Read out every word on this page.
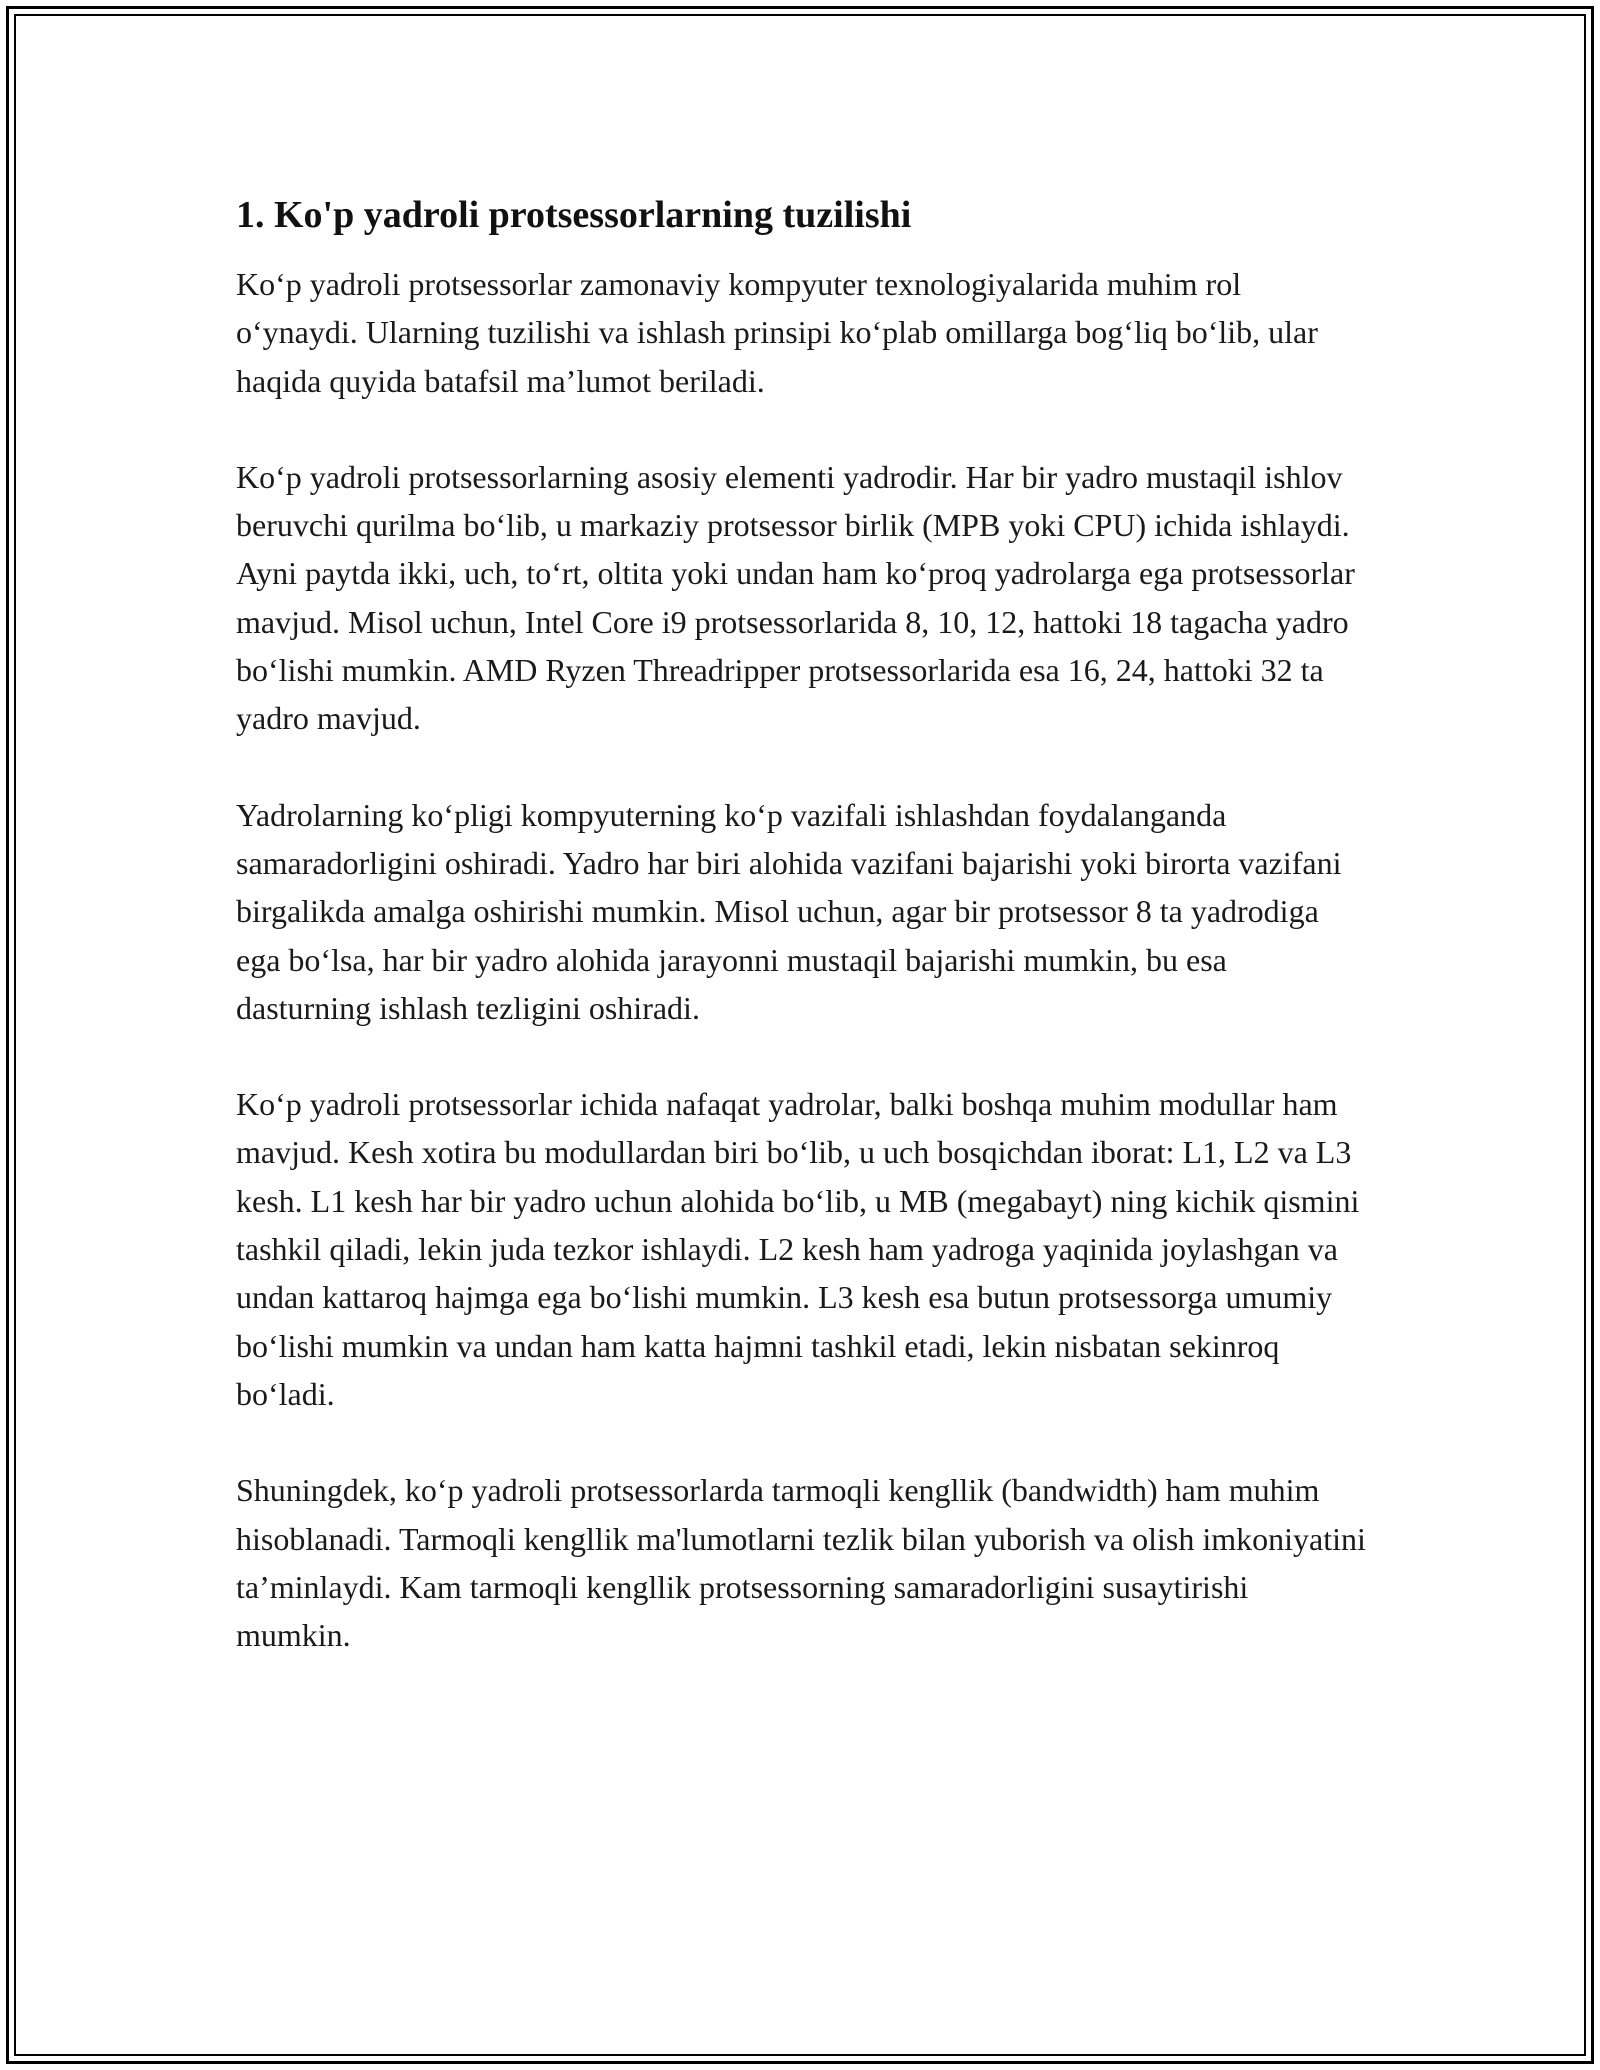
1. Ko'p yadroli protsessorlarning tuzilishi

Ko‘p yadroli protsessorlar zamonaviy kompyuter texnologiyalarida muhim rol o‘ynaydi. Ularning tuzilishi va ishlash prinsipi ko‘plab omillarga bog‘liq bo‘lib, ular haqida quyida batafsil ma’lumot beriladi.

Ko‘p yadroli protsessorlarning asosiy elementi yadrodir. Har bir yadro mustaqil ishlov beruvchi qurilma bo‘lib, u markaziy protsessor birlik (MPB yoki CPU) ichida ishlaydi. Ayni paytda ikki, uch, to‘rt, oltita yoki undan ham ko‘proq yadrolarga ega protsessorlar mavjud. Misol uchun, Intel Core i9 protsessorlarida 8, 10, 12, hattoki 18 tagacha yadro bo‘lishi mumkin. AMD Ryzen Threadripper protsessorlarida esa 16, 24, hattoki 32 ta yadro mavjud.

Yadrolarning ko‘pligi kompyuterning ko‘p vazifali ishlashdan foydalanganda samaradorligini oshiradi. Yadro har biri alohida vazifani bajarishi yoki birorta vazifani birgalikda amalga oshirishi mumkin. Misol uchun, agar bir protsessor 8 ta yadrodiga ega bo‘lsa, har bir yadro alohida jarayonni mustaqil bajarishi mumkin, bu esa dasturning ishlash tezligini oshiradi.

Ko‘p yadroli protsessorlar ichida nafaqat yadrolar, balki boshqa muhim modullar ham mavjud. Kesh xotira bu modullardan biri bo‘lib, u uch bosqichdan iborat: L1, L2 va L3 kesh. L1 kesh har bir yadro uchun alohida bo‘lib, u MB (megabayt) ning kichik qismini tashkil qiladi, lekin juda tezkor ishlaydi. L2 kesh ham yadroga yaqinida joylashgan va undan kattaroq hajmga ega bo‘lishi mumkin. L3 kesh esa butun protsessorga umumiy bo‘lishi mumkin va undan ham katta hajmni tashkil etadi, lekin nisbatan sekinroq bo‘ladi.

Shuningdek, ko‘p yadroli protsessorlarda tarmoqli kengllik (bandwidth) ham muhim hisoblanadi. Tarmoqli kengllik ma'lumotlarni tezlik bilan yuborish va olish imkoniyatini ta’minlaydi. Kam tarmoqli kengllik protsessorning samaradorligini susaytirishi mumkin.
